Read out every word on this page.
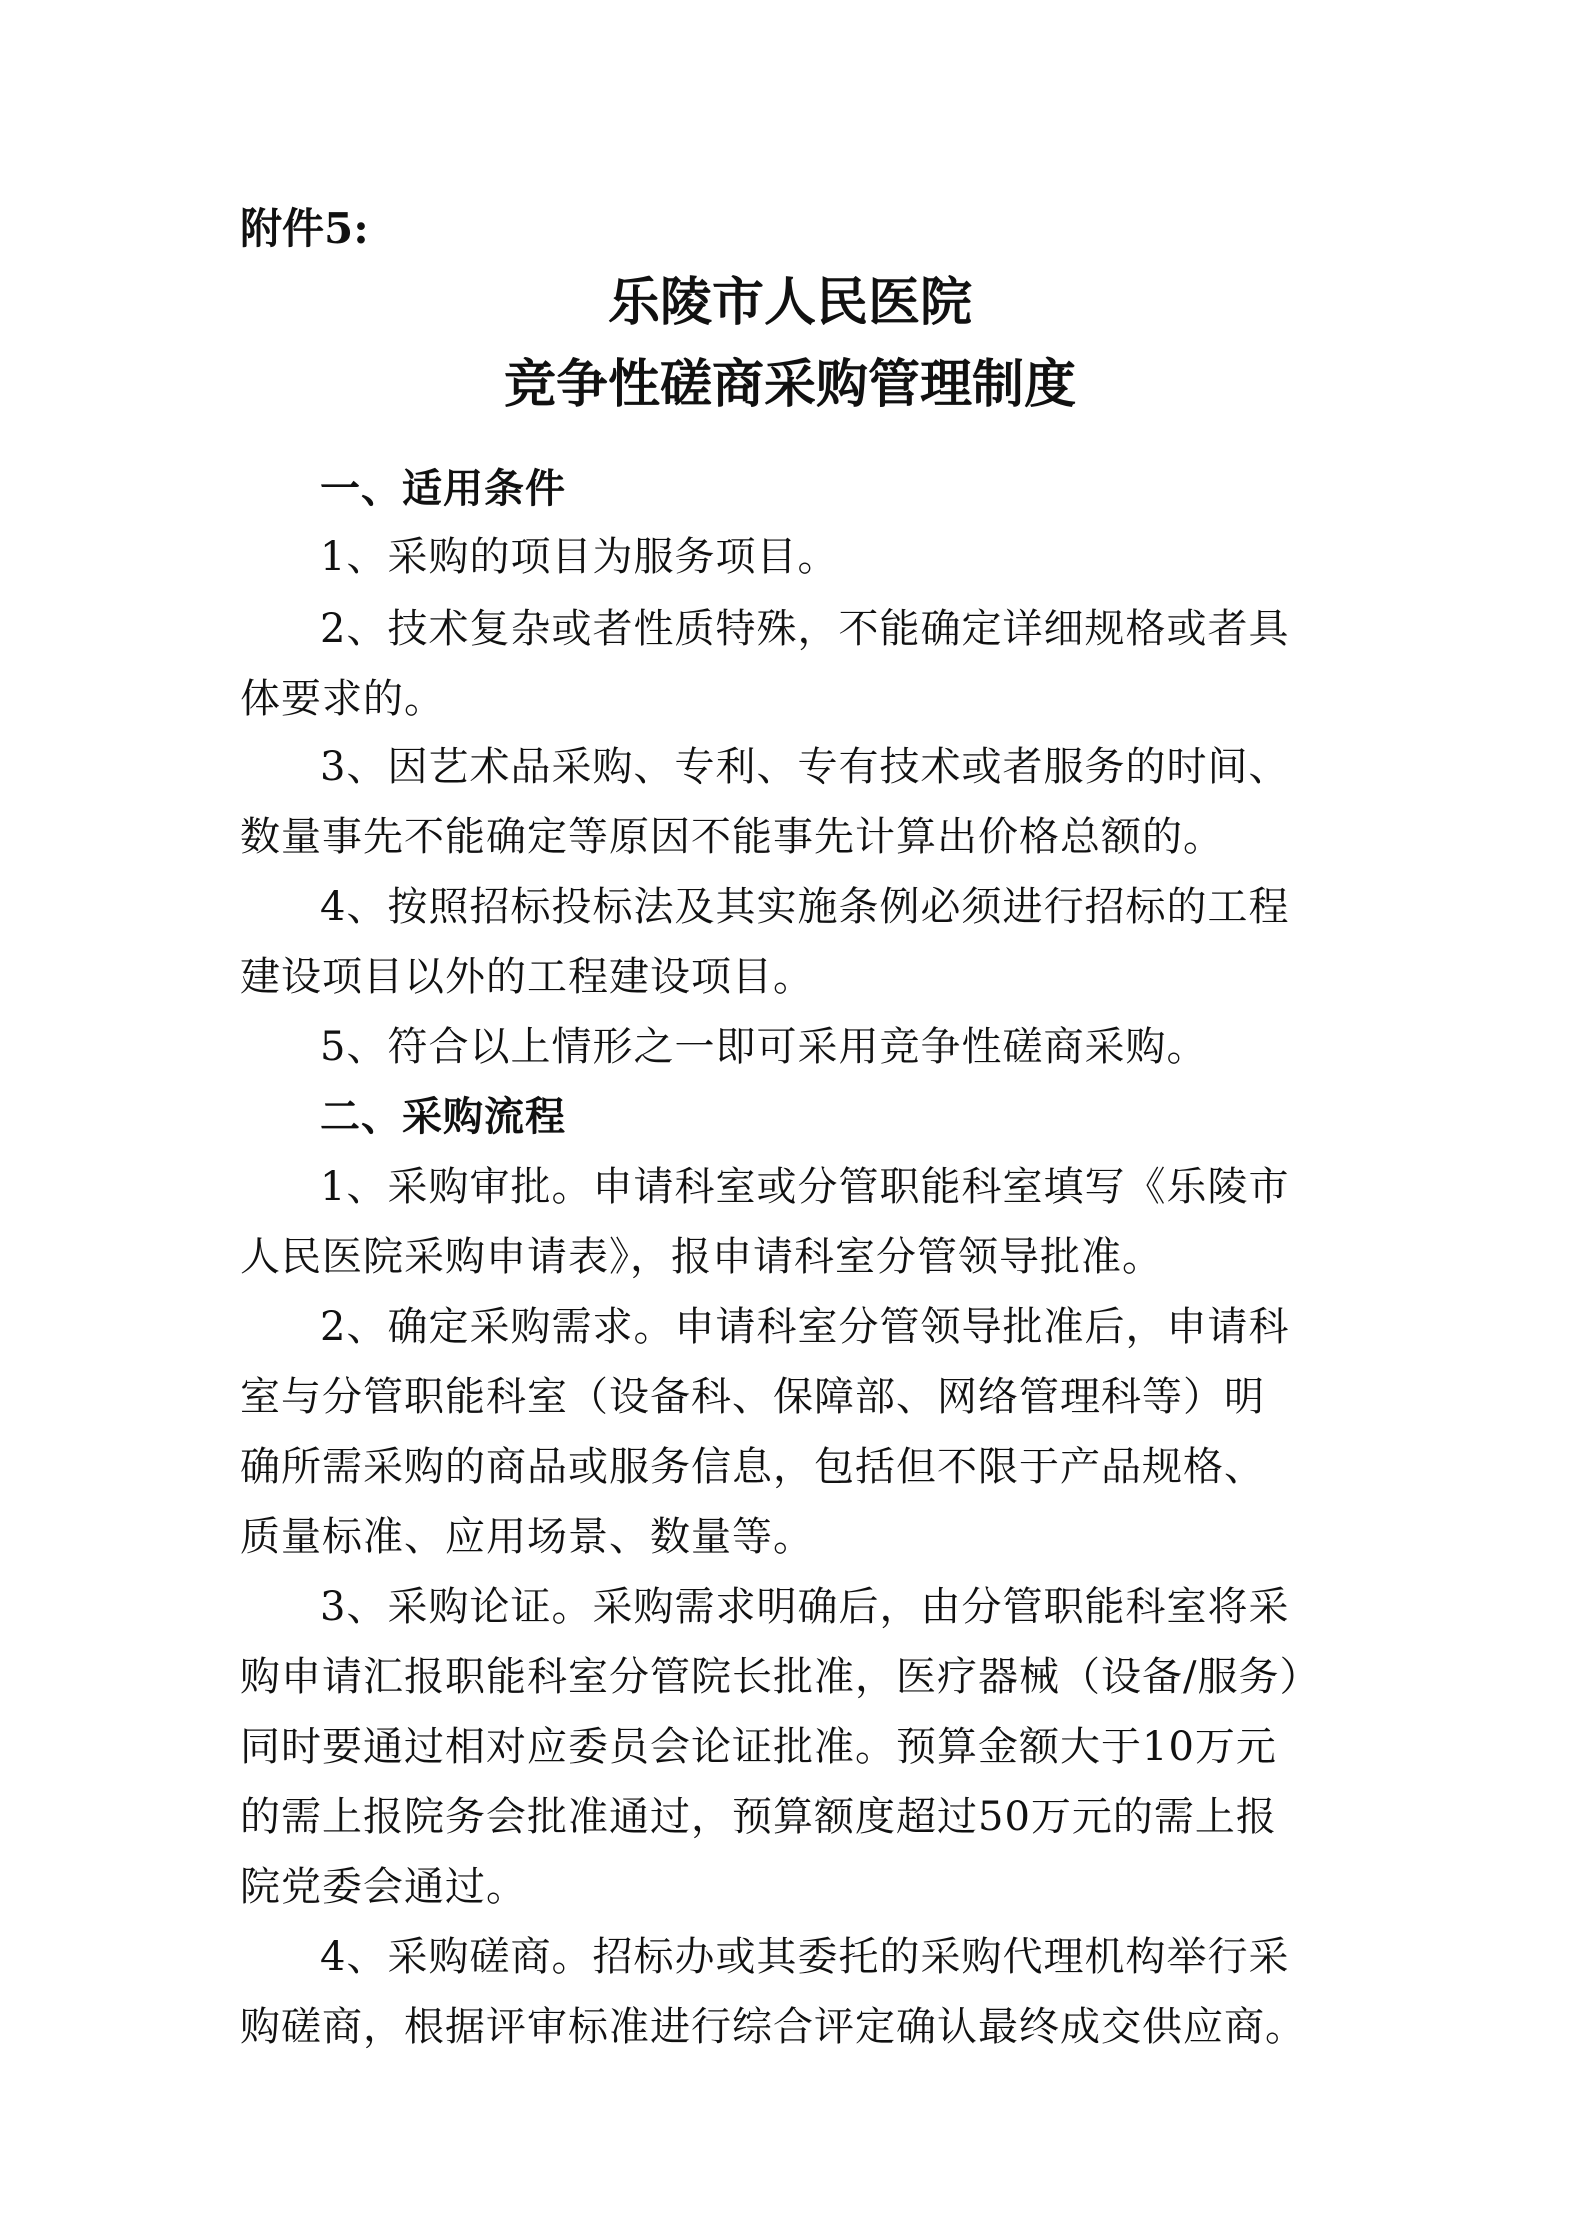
附件5:
乐陵市人民医院
竞争性磋商采购管理制度
一、适用条件
1、采购的项目为服务项目。
2、技术复杂或者性质特殊，不能确定详细规格或者具
体要求的。
3、因艺术品采购、专利、专有技术或者服务的时间、
数量事先不能确定等原因不能事先计算出价格总额的。
4、按照招标投标法及其实施条例必须进行招标的工程
建设项目以外的工程建设项目。
5、符合以上情形之一即可采用竞争性磋商采购。
二、采购流程
1、采购审批。申请科室或分管职能科室填写《乐陵市
人民医院采购申请表》，报申请科室分管领导批准。
2、确定采购需求。申请科室分管领导批准后，申请科
室与分管职能科室（设备科、保障部、网络管理科等）明
确所需采购的商品或服务信息，包括但不限于产品规格、
质量标准、应用场景、数量等。
3、采购论证。采购需求明确后，由分管职能科室将采
购申请汇报职能科室分管院长批准，医疗器械（设备/服务）
同时要通过相对应委员会论证批准。预算金额大于10万元
的需上报院务会批准通过，预算额度超过50万元的需上报
院党委会通过。
4、采购磋商。招标办或其委托的采购代理机构举行采
购磋商，根据评审标准进行综合评定确认最终成交供应商。
